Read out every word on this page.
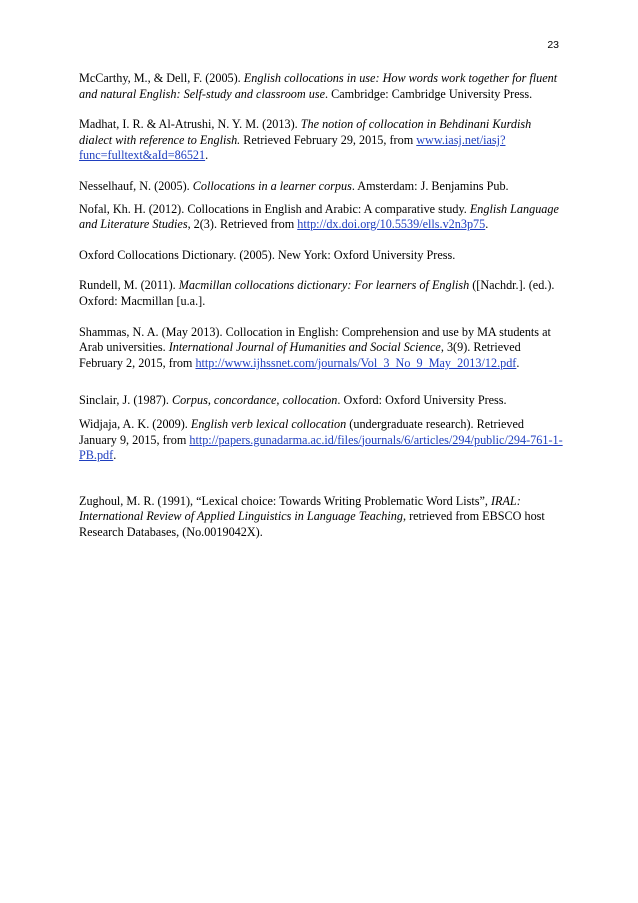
23

McCarthy, M., & Dell, F. (2005). English collocations in use: How words work together for fluent and natural English: Self-study and classroom use. Cambridge: Cambridge University Press.

Madhat, I. R. & Al-Atrushi, N. Y. M. (2013). The notion of collocation in Behdinani Kurdish dialect with reference to English. Retrieved February 29, 2015, from www.iasj.net/iasj?func=fulltext&aId=86521.

Nesselhauf, N. (2005). Collocations in a learner corpus. Amsterdam: J. Benjamins Pub.

Nofal, Kh. H. (2012). Collocations in English and Arabic: A comparative study. English Language and Literature Studies, 2(3). Retrieved from http://dx.doi.org/10.5539/ells.v2n3p75.

Oxford Collocations Dictionary. (2005). New York: Oxford University Press.

Rundell, M. (2011). Macmillan collocations dictionary: For learners of English ([Nachdr.]. (ed.). Oxford: Macmillan [u.a.].

Shammas, N. A. (May 2013). Collocation in English: Comprehension and use by MA students at Arab universities. International Journal of Humanities and Social Science, 3(9). Retrieved February 2, 2015, from http://www.ijhssnet.com/journals/Vol_3_No_9_May_2013/12.pdf.

Sinclair, J. (1987). Corpus, concordance, collocation. Oxford: Oxford University Press.

Widjaja, A. K. (2009). English verb lexical collocation (undergraduate research). Retrieved January 9, 2015, from http://papers.gunadarma.ac.id/files/journals/6/articles/294/public/294-761-1-PB.pdf.

Zughoul, M. R. (1991), “Lexical choice: Towards Writing Problematic Word Lists”, IRAL: International Review of Applied Linguistics in Language Teaching, retrieved from EBSCO host Research Databases, (No.0019042X).
